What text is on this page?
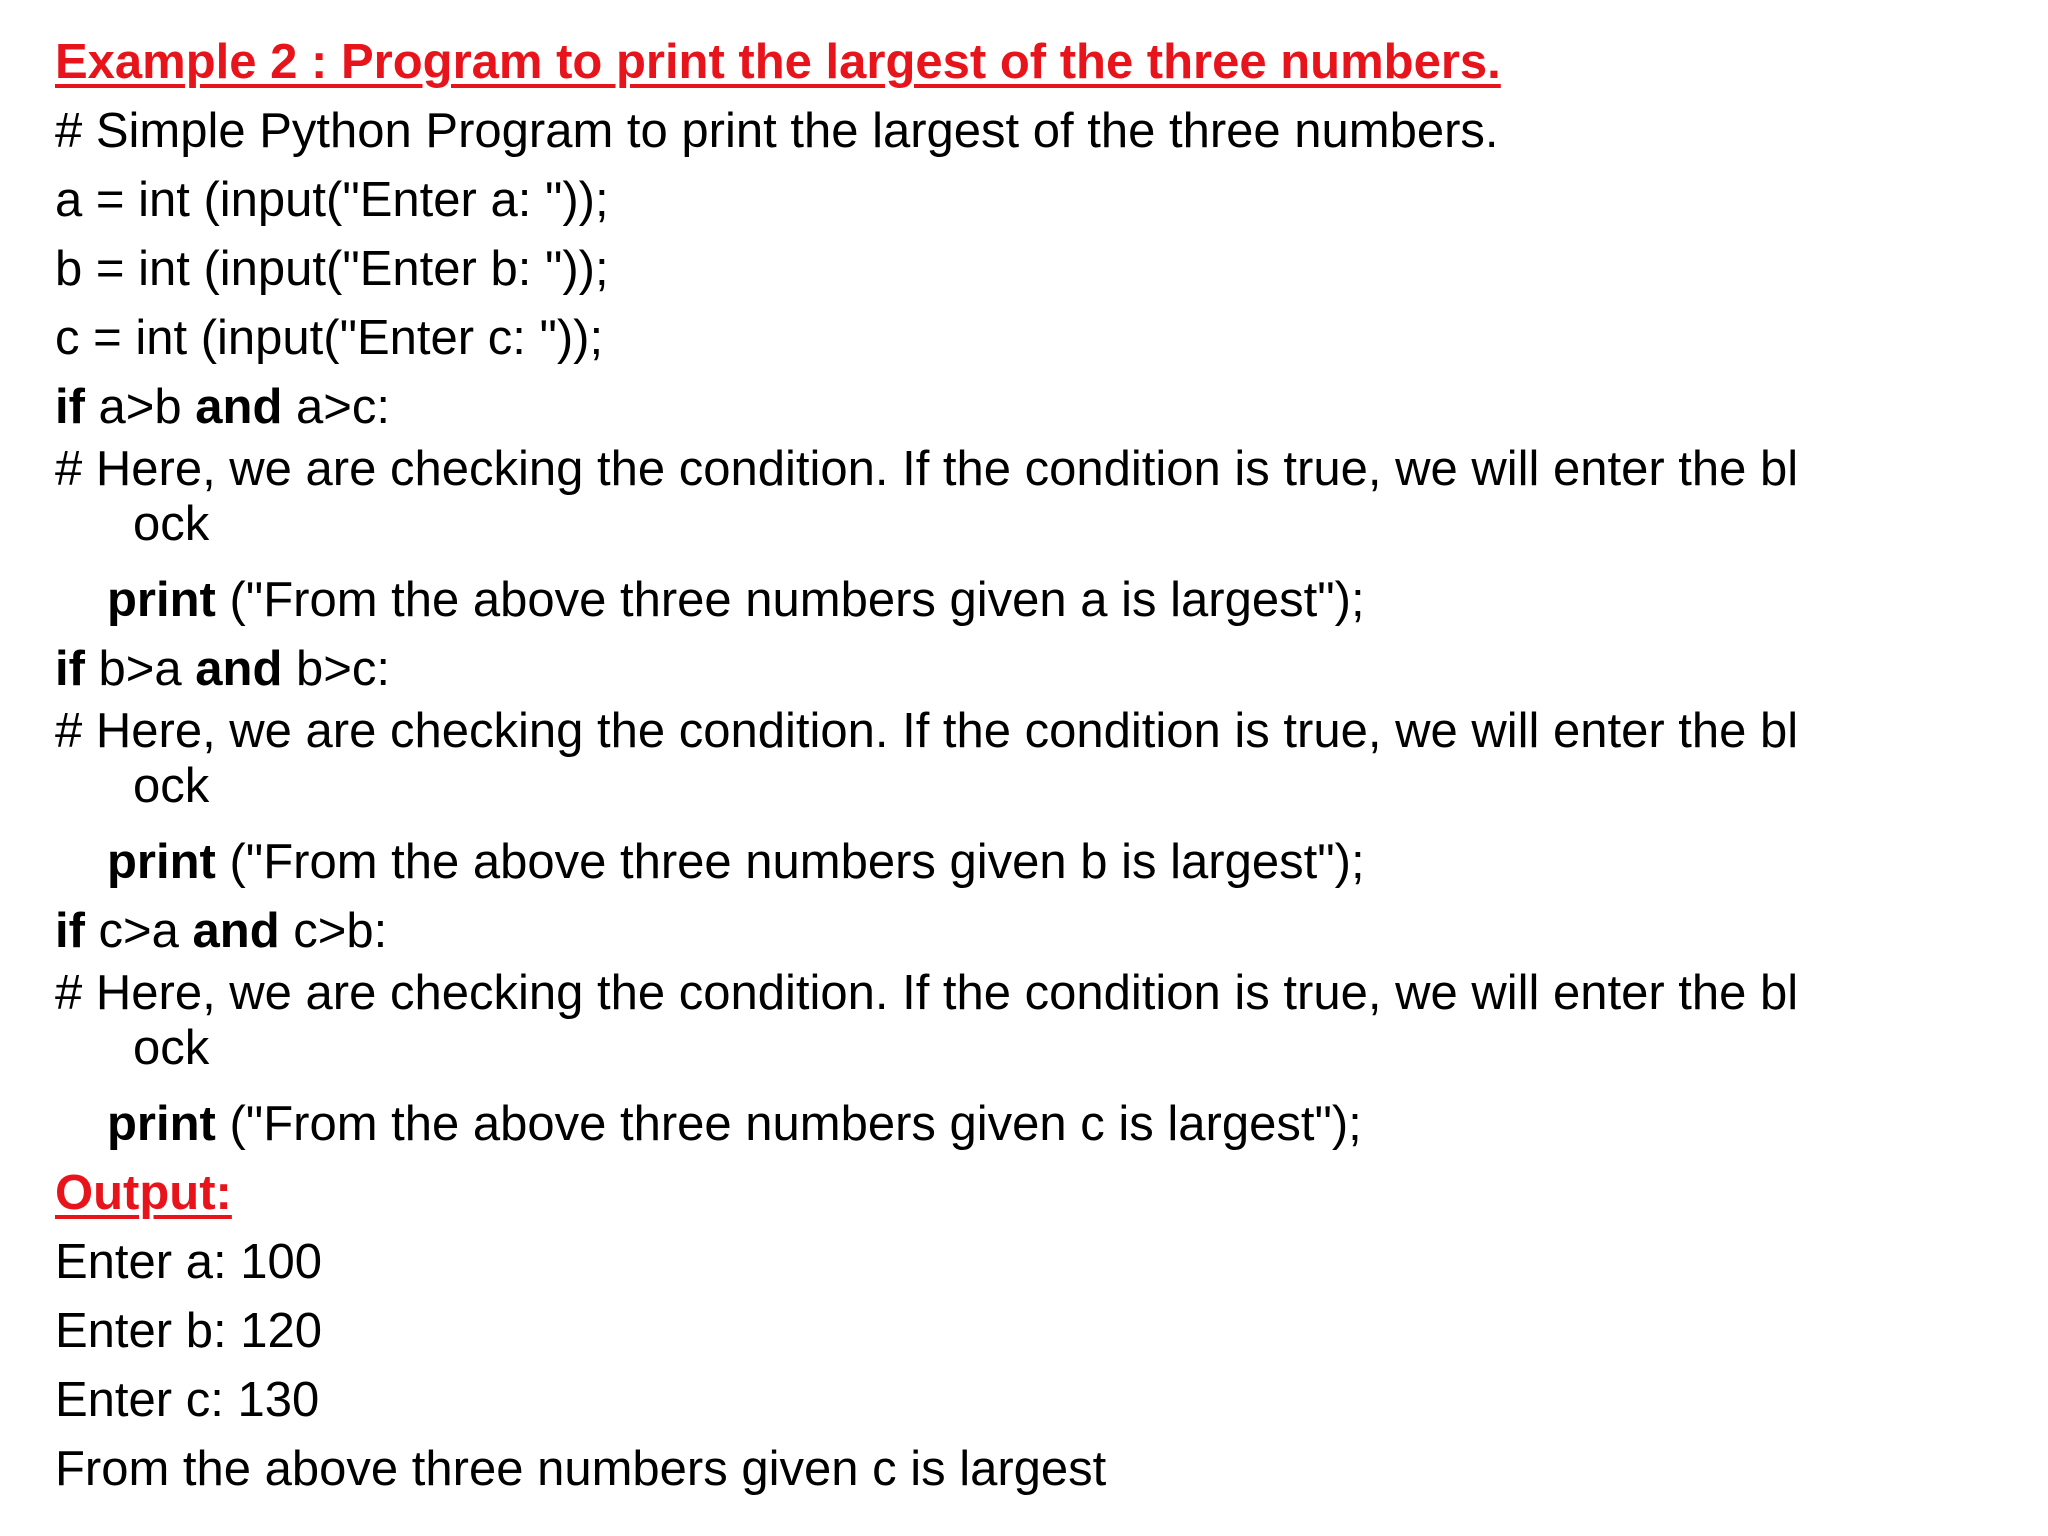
Example 2 : Program to print the largest of the three numbers.

# Simple Python Program to print the largest of the three numbers.

a = int (input("Enter a: "));

b = int (input("Enter b: "));

c = int (input("Enter c: "));

if a>b and a>c:

# Here, we are checking the condition. If the condition is true, we will enter the bl
ock

print ("From the above three numbers given a is largest");

if b>a and b>c:

# Here, we are checking the condition. If the condition is true, we will enter the bl
ock

print ("From the above three numbers given b is largest");

if c>a and c>b:

# Here, we are checking the condition. If the condition is true, we will enter the bl
ock

print ("From the above three numbers given c is largest");

Output:

Enter a: 100

Enter b: 120

Enter c: 130

From the above three numbers given c is largest
